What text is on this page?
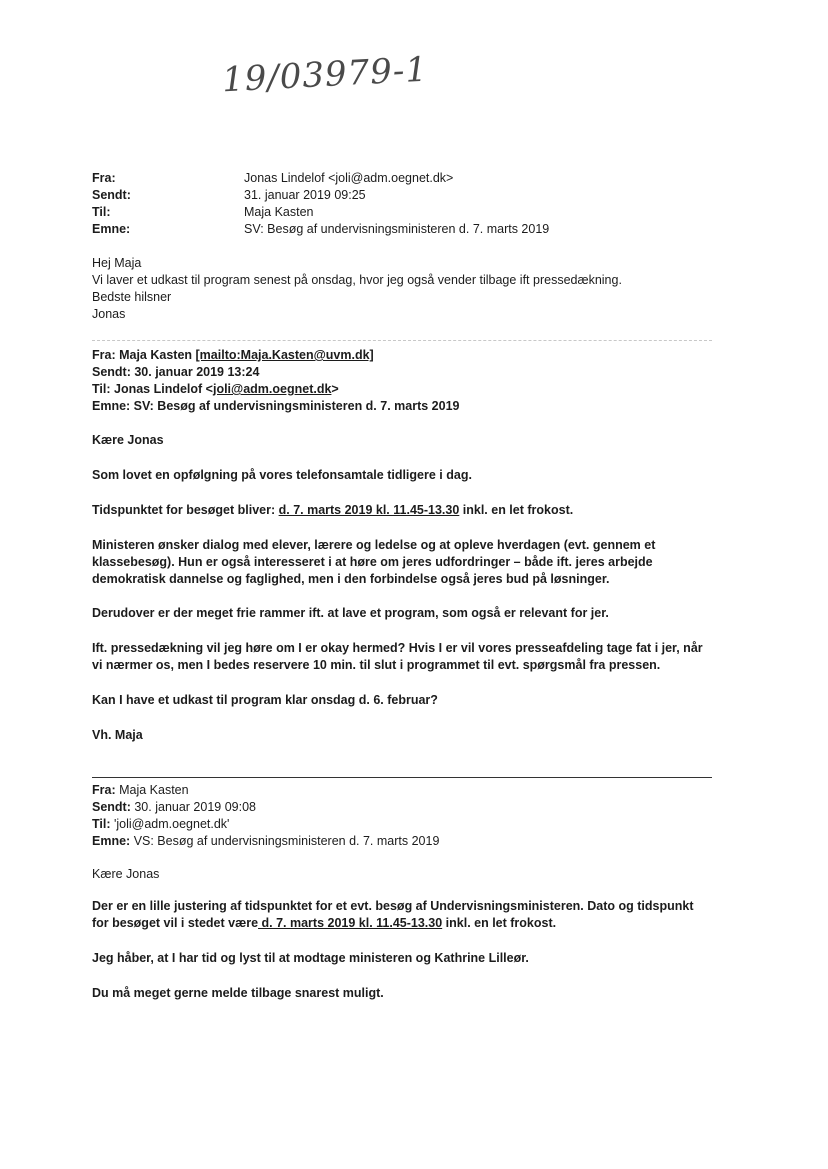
19/03979-1

Fra:	Jonas Lindelof <joli@adm.oegnet.dk>

Sendt:	31. januar 2019 09:25

Til:	Maja Kasten

Emne:	SV: Besøg af undervisningsministeren d. 7. marts 2019

Hej Maja

Vi laver et udkast til program senest på onsdag, hvor jeg også vender tilbage ift pressedækning.

Bedste hilsner

Jonas

Fra: Maja Kasten [mailto:Maja.Kasten@uvm.dk]

Sendt: 30. januar 2019 13:24

Til: Jonas Lindelof <joli@adm.oegnet.dk>

Emne: SV: Besøg af undervisningsministeren d. 7. marts 2019

Kære Jonas

Som lovet en opfølgning på vores telefonsamtale tidligere i dag.

Tidspunktet for besøget bliver: d. 7. marts 2019 kl. 11.45-13.30 inkl. en let frokost.

Ministeren ønsker dialog med elever, lærere og ledelse og at opleve hverdagen (evt. gennem et klassebesøg). Hun er også interesseret i at høre om jeres udfordringer – både ift. jeres arbejde demokratisk dannelse og faglighed, men i den forbindelse også jeres bud på løsninger.

Derudover er der meget frie rammer ift. at lave et program, som også er relevant for jer.

Ift. pressedækning vil jeg høre om I er okay hermed? Hvis I er vil vores presseafdeling tage fat i jer, når vi nærmer os, men I bedes reservere 10 min. til slut i programmet til evt. spørgsmål fra pressen.

Kan I have et udkast til program klar onsdag d. 6. februar?

Vh. Maja

Fra: Maja Kasten

Sendt: 30. januar 2019 09:08

Til: 'joli@adm.oegnet.dk'

Emne: VS: Besøg af undervisningsministeren d. 7. marts 2019

Kære Jonas

Der er en lille justering af tidspunktet for et evt. besøg af Undervisningsministeren. Dato og tidspunkt for besøget vil i stedet være d. 7. marts 2019 kl. 11.45-13.30 inkl. en let frokost.

Jeg håber, at I har tid og lyst til at modtage ministeren og Kathrine Lilleør.

Du må meget gerne melde tilbage snarest muligt.
